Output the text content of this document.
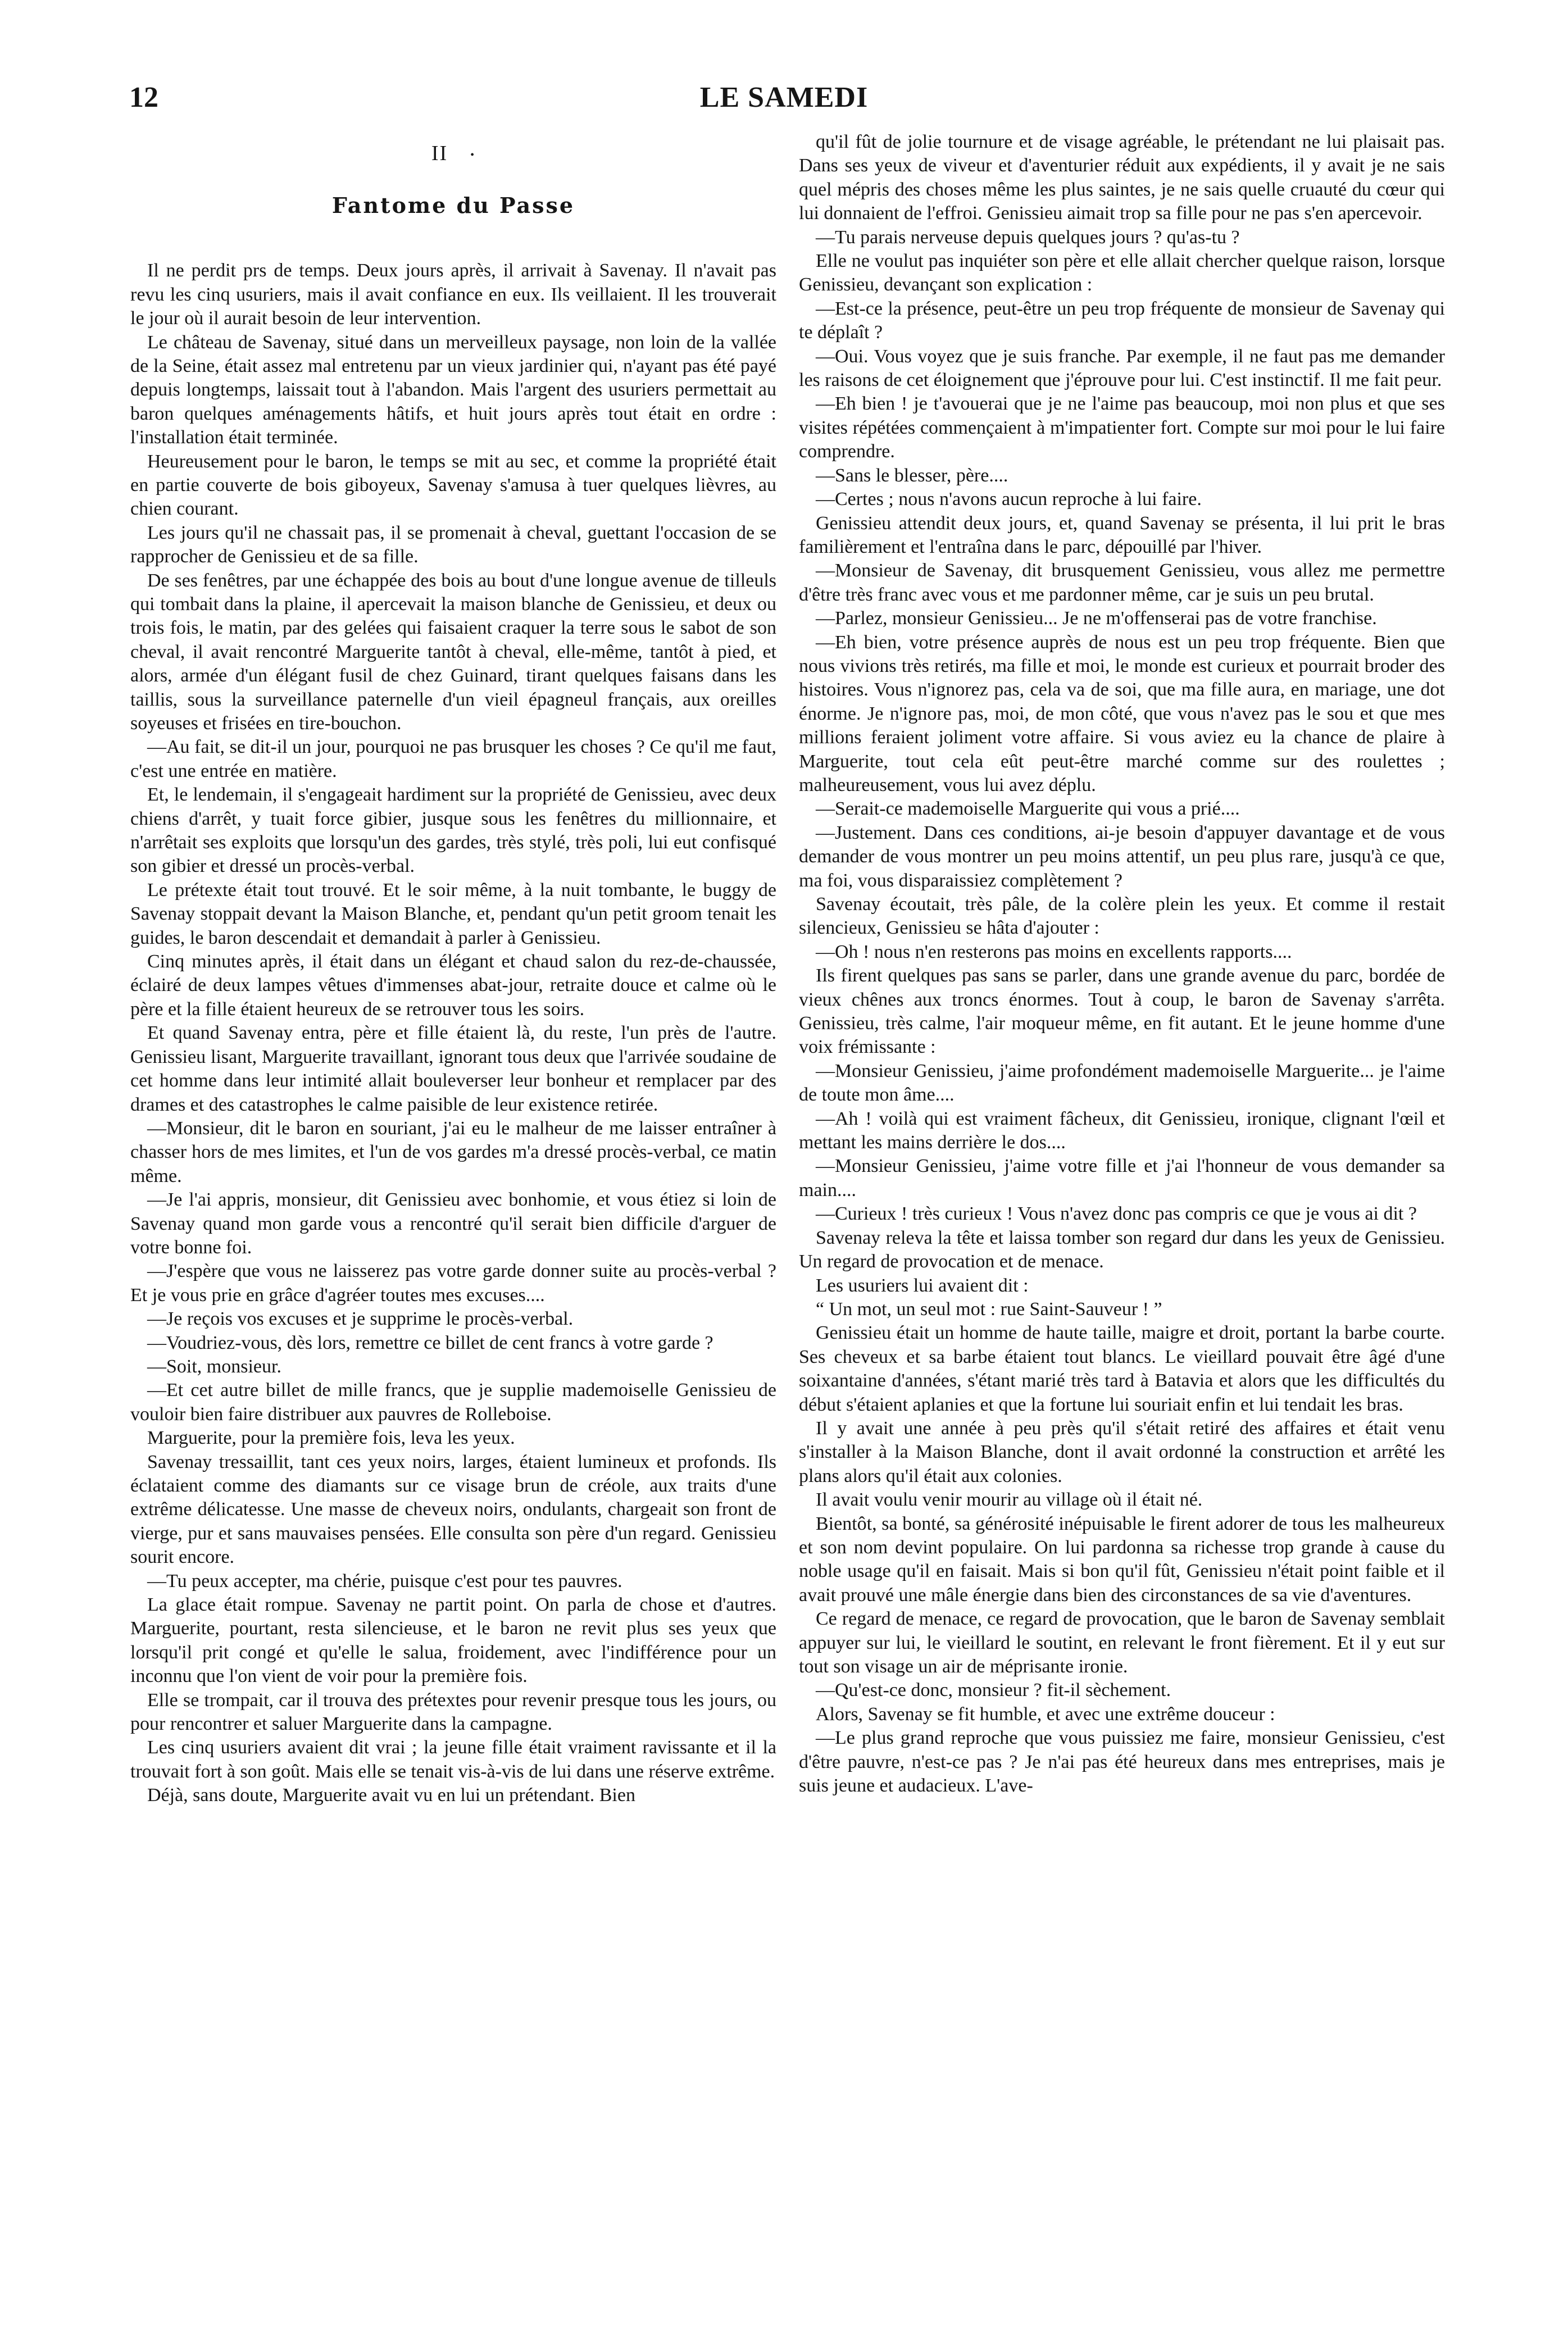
12	LE SAMEDI
II •
Fantome du Passe

Il ne perdit prs de temps. Deux jours après, il arrivait à Savenay. Il n'avait pas revu les cinq usuriers, mais il avait confiance en eux. Ils veillaient. Il les trouverait le jour où il aurait besoin de leur intervention.

Le château de Savenay, situé dans un merveilleux paysage, non loin de la vallée de la Seine, était assez mal entretenu par un vieux jardinier qui, n'ayant pas été payé depuis longtemps, laissait tout à l'abandon. Mais l'argent des usuriers permettait au baron quelques aménagements hâtifs, et huit jours après tout était en ordre : l'installation était terminée.

Heureusement pour le baron, le temps se mit au sec, et comme la propriété était en partie couverte de bois giboyeux, Savenay s'amusa à tuer quelques lièvres, au chien courant.

Les jours qu'il ne chassait pas, il se promenait à cheval, guettant l'occasion de se rapprocher de Genissieu et de sa fille.

De ses fenêtres, par une échappée des bois au bout d'une longue avenue de tilleuls qui tombait dans la plaine, il apercevait la maison blanche de Genissieu, et deux ou trois fois, le matin, par des gelées qui faisaient craquer la terre sous le sabot de son cheval, il avait rencontré Marguerite tantôt à cheval, elle-même, tantôt à pied, et alors, armée d'un élégant fusil de chez Guinard, tirant quelques faisans dans les taillis, sous la surveillance paternelle d'un vieil épagneul français, aux oreilles soyeuses et frisées en tire-bouchon.

—Au fait, se dit-il un jour, pourquoi ne pas brusquer les choses ? Ce qu'il me faut, c'est une entrée en matière.

Et, le lendemain, il s'engageait hardiment sur la propriété de Genissieu, avec deux chiens d'arrêt, y tuait force gibier, jusque sous les fenêtres du millionnaire, et n'arrêtait ses exploits que lorsqu'un des gardes, très stylé, très poli, lui eut confisqué son gibier et dressé un procès-verbal.

Le prétexte était tout trouvé. Et le soir même, à la nuit tombante, le buggy de Savenay stoppait devant la Maison Blanche, et, pendant qu'un petit groom tenait les guides, le baron descendait et demandait à parler à Genissieu.

Cinq minutes après, il était dans un élégant et chaud salon du rez-de-chaussée, éclairé de deux lampes vêtues d'immenses abat-jour, retraite douce et calme où le père et la fille étaient heureux de se retrouver tous les soirs.

Et quand Savenay entra, père et fille étaient là, du reste, l'un près de l'autre. Genissieu lisant, Marguerite travaillant, ignorant tous deux que l'arrivée soudaine de cet homme dans leur intimité allait bouleverser leur bonheur et remplacer par des drames et des catastrophes le calme paisible de leur existence retirée.

—Monsieur, dit le baron en souriant, j'ai eu le malheur de me laisser entraîner à chasser hors de mes limites, et l'un de vos gardes m'a dressé procès-verbal, ce matin même.

—Je l'ai appris, monsieur, dit Genissieu avec bonhomie, et vous étiez si loin de Savenay quand mon garde vous a rencontré qu'il serait bien difficile d'arguer de votre bonne foi.

—J'espère que vous ne laisserez pas votre garde donner suite au procès-verbal ? Et je vous prie en grâce d'agréer toutes mes excuses....

—Je reçois vos excuses et je supprime le procès-verbal.

—Voudriez-vous, dès lors, remettre ce billet de cent francs à votre garde ?

—Soit, monsieur.

—Et cet autre billet de mille francs, que je supplie mademoiselle Genissieu de vouloir bien faire distribuer aux pauvres de Rolleboise.

Marguerite, pour la première fois, leva les yeux.

Savenay tressaillit, tant ces yeux noirs, larges, étaient lumineux et profonds. Ils éclataient comme des diamants sur ce visage brun de créole, aux traits d'une extrême délicatesse. Une masse de cheveux noirs, ondulants, chargeait son front de vierge, pur et sans mauvaises pensées. Elle consulta son père d'un regard. Genissieu sourit encore.

—Tu peux accepter, ma chérie, puisque c'est pour tes pauvres.

La glace était rompue. Savenay ne partit point. On parla de chose et d'autres. Marguerite, pourtant, resta silencieuse, et le baron ne revit plus ses yeux que lorsqu'il prit congé et qu'elle le salua, froidement, avec l'indifférence pour un inconnu que l'on vient de voir pour la première fois.

Elle se trompait, car il trouva des prétextes pour revenir presque tous les jours, ou pour rencontrer et saluer Marguerite dans la campagne.

Les cinq usuriers avaient dit vrai ; la jeune fille était vraiment ravissante et il la trouvait fort à son goût. Mais elle se tenait vis-à-vis de lui dans une réserve extrême.

Déjà, sans doute, Marguerite avait vu en lui un prétendant. Bien

qu'il fût de jolie tournure et de visage agréable, le prétendant ne lui plaisait pas. Dans ses yeux de viveur et d'aventurier réduit aux expédients, il y avait je ne sais quel mépris des choses même les plus saintes, je ne sais quelle cruauté du cœur qui lui donnaient de l'effroi. Genissieu aimait trop sa fille pour ne pas s'en apercevoir.

—Tu parais nerveuse depuis quelques jours ? qu'as-tu ?

Elle ne voulut pas inquiéter son père et elle allait chercher quelque raison, lorsque Genissieu, devançant son explication :

—Est-ce la présence, peut-être un peu trop fréquente de monsieur de Savenay qui te déplaît ?

—Oui. Vous voyez que je suis franche. Par exemple, il ne faut pas me demander les raisons de cet éloignement que j'éprouve pour lui. C'est instinctif. Il me fait peur.

—Eh bien ! je t'avouerai que je ne l'aime pas beaucoup, moi non plus et que ses visites répétées commençaient à m'impatienter fort. Compte sur moi pour le lui faire comprendre.

—Sans le blesser, père....

—Certes ; nous n'avons aucun reproche à lui faire.

Genissieu attendit deux jours, et, quand Savenay se présenta, il lui prit le bras familièrement et l'entraîna dans le parc, dépouillé par l'hiver.

—Monsieur de Savenay, dit brusquement Genissieu, vous allez me permettre d'être très franc avec vous et me pardonner même, car je suis un peu brutal.

—Parlez, monsieur Genissieu... Je ne m'offenserai pas de votre franchise.

—Eh bien, votre présence auprès de nous est un peu trop fréquente. Bien que nous vivions très retirés, ma fille et moi, le monde est curieux et pourrait broder des histoires. Vous n'ignorez pas, cela va de soi, que ma fille aura, en mariage, une dot énorme. Je n'ignore pas, moi, de mon côté, que vous n'avez pas le sou et que mes millions feraient joliment votre affaire. Si vous aviez eu la chance de plaire à Marguerite, tout cela eût peut-être marché comme sur des roulettes ; malheureusement, vous lui avez déplu.

—Serait-ce mademoiselle Marguerite qui vous a prié....

—Justement. Dans ces conditions, ai-je besoin d'appuyer davantage et de vous demander de vous montrer un peu moins attentif, un peu plus rare, jusqu'à ce que, ma foi, vous disparaissiez complètement ?

Savenay écoutait, très pâle, de la colère plein les yeux. Et comme il restait silencieux, Genissieu se hâta d'ajouter :

—Oh ! nous n'en resterons pas moins en excellents rapports....

Ils firent quelques pas sans se parler, dans une grande avenue du parc, bordée de vieux chênes aux troncs énormes. Tout à coup, le baron de Savenay s'arrêta. Genissieu, très calme, l'air moqueur même, en fit autant. Et le jeune homme d'une voix frémissante :

—Monsieur Genissieu, j'aime profondément mademoiselle Marguerite... je l'aime de toute mon âme....

—Ah ! voilà qui est vraiment fâcheux, dit Genissieu, ironique, clignant l'œil et mettant les mains derrière le dos....

—Monsieur Genissieu, j'aime votre fille et j'ai l'honneur de vous demander sa main....

—Curieux ! très curieux ! Vous n'avez donc pas compris ce que je vous ai dit ?

Savenay releva la tête et laissa tomber son regard dur dans les yeux de Genissieu. Un regard de provocation et de menace.

Les usuriers lui avaient dit :

“ Un mot, un seul mot : rue Saint-Sauveur ! ”

Genissieu était un homme de haute taille, maigre et droit, portant la barbe courte. Ses cheveux et sa barbe étaient tout blancs. Le vieillard pouvait être âgé d'une soixantaine d'années, s'étant marié très tard à Batavia et alors que les difficultés du début s'étaient aplanies et que la fortune lui souriait enfin et lui tendait les bras.

Il y avait une année à peu près qu'il s'était retiré des affaires et était venu s'installer à la Maison Blanche, dont il avait ordonné la construction et arrêté les plans alors qu'il était aux colonies.

Il avait voulu venir mourir au village où il était né.

Bientôt, sa bonté, sa générosité inépuisable le firent adorer de tous les malheureux et son nom devint populaire. On lui pardonna sa richesse trop grande à cause du noble usage qu'il en faisait. Mais si bon qu'il fût, Genissieu n'était point faible et il avait prouvé une mâle énergie dans bien des circonstances de sa vie d'aventures.

Ce regard de menace, ce regard de provocation, que le baron de Savenay semblait appuyer sur lui, le vieillard le soutint, en relevant le front fièrement. Et il y eut sur tout son visage un air de méprisante ironie.

—Qu'est-ce donc, monsieur ? fit-il sèchement.

Alors, Savenay se fit humble, et avec une extrême douceur :

—Le plus grand reproche que vous puissiez me faire, monsieur Genissieu, c'est d'être pauvre, n'est-ce pas ? Je n'ai pas été heureux dans mes entreprises, mais je suis jeune et audacieux. L'ave-
